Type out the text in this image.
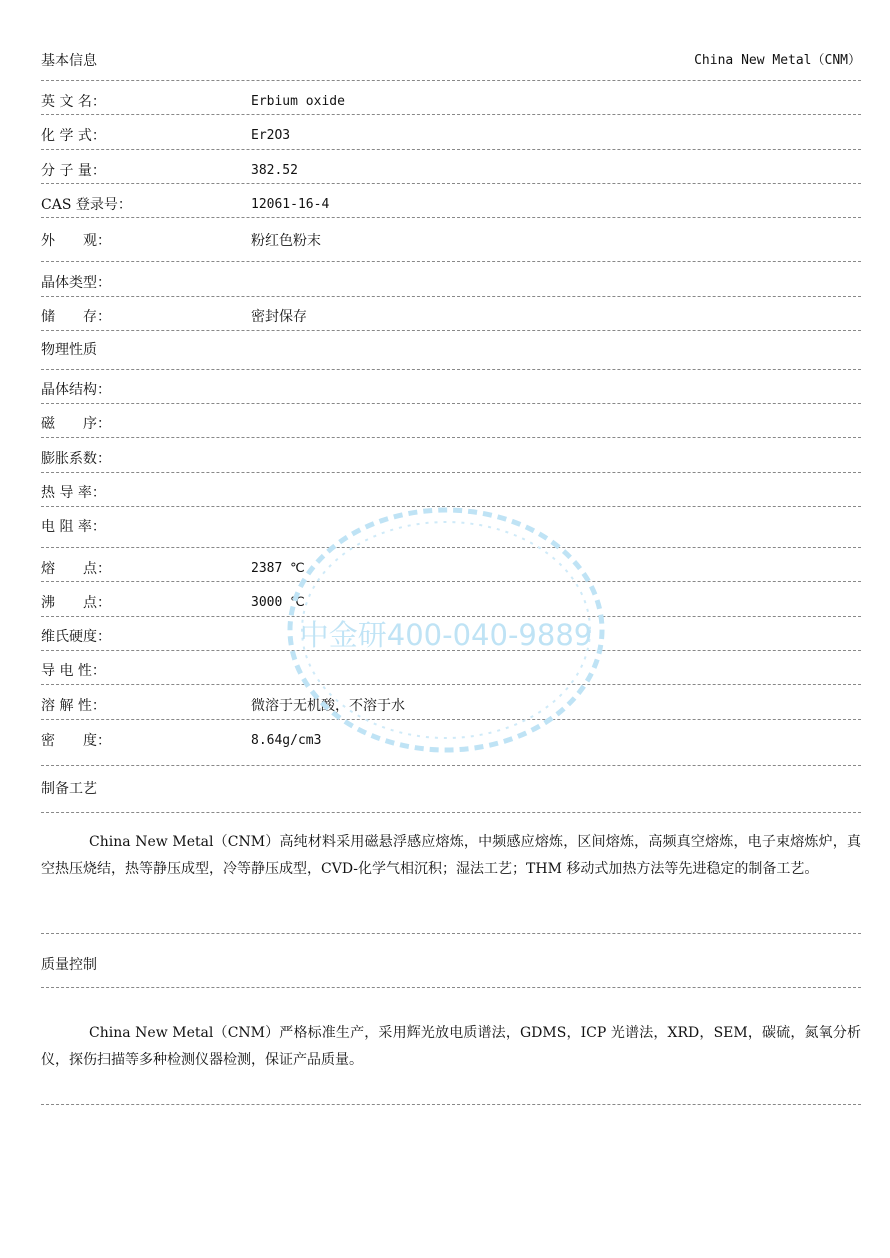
基本信息	China New Metal（CNM）
英 文 名：	Erbium oxide
化 学 式：	Er2O3
分 子 量：	382.52
CAS 登录号：	12061-16-4
外　　观：	粉红色粉末
晶体类型：
储　　存：	密封保存
物理性质
晶体结构：
磁　　序：
膨胀系数：
热 导 率：
电 阻 率：
熔　　点：	2387 ℃
沸　　点：	3000 ℃
维氏硬度：
导 电 性：
溶 解 性：	微溶于无机酸，不溶于水
密　　度：	8.64g/cm3
制备工艺
China New Metal（CNM）高纯材料采用磁悬浮感应熔炼，中频感应熔炼，区间熔炼，高频真空熔炼，电子束熔炼炉，真空热压烧结，热等静压成型，冷等静压成型，CVD-化学气相沉积；湿法工艺；THM 移动式加热方法等先进稳定的制备工艺。
质量控制
China New Metal（CNM）严格标准生产，采用辉光放电质谱法，GDMS，ICP 光谱法，XRD，SEM，碳硫，氮氧分析仪，探伤扫描等多种检测仪器检测，保证产品质量。
中金研400-040-9889
